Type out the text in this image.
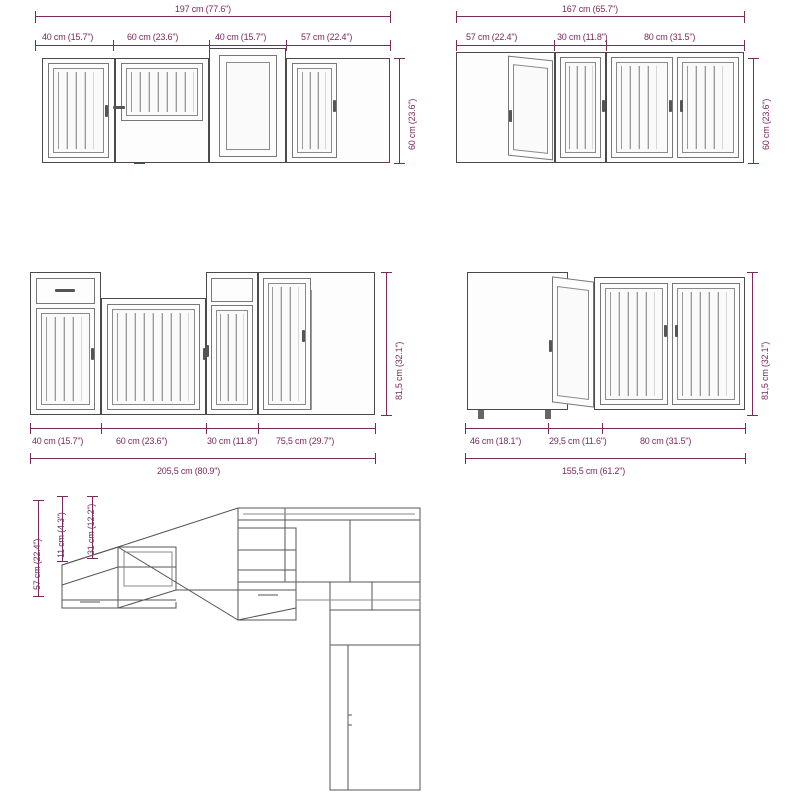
197 cm (77.6")
40 cm (15.7")	60 cm (23.6")	40 cm (15.7")	57 cm (22.4")
60 cm (23.6")
167 cm (65.7")
57 cm (22.4")	30 cm (11.8")	80 cm (31.5")
60 cm (23.6")
81,5 cm (32.1")
40 cm (15.7")	60 cm (23.6")	30 cm (11.8") 75,5 cm (29.7")
205,5 cm (80.9")
81,5 cm (32.1")
46 cm (18.1")	29,5 cm (11.6")	80 cm (31.5")
155,5 cm (61.2")
57 cm (22.4")
11 cm (4.3") 31 cm (12.2")
